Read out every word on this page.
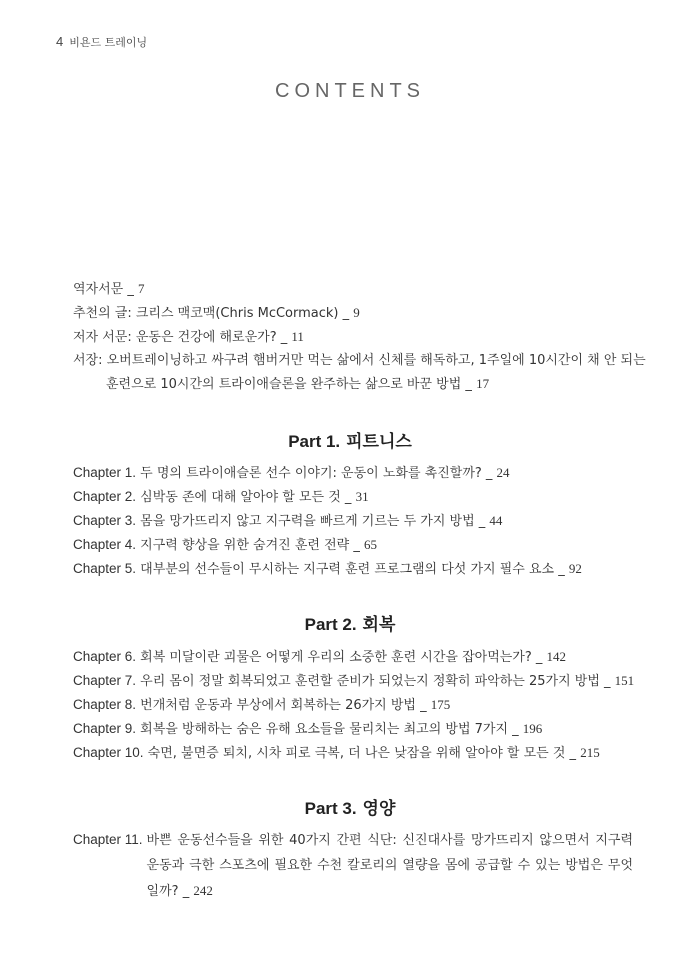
4 비욘드 트레이닝
CONTENTS
역자서문 _ 7
추천의 글: 크리스 맥코맥(Chris McCormack) _ 9
저자 서문: 운동은 건강에 해로운가? _ 11
서장: 오버트레이닝하고 싸구려 햄버거만 먹는 삶에서 신체를 해독하고, 1주일에 10시간이 채 안 되는
훈련으로 10시간의 트라이애슬론을 완주하는 삶으로 바꾼 방법 _ 17
Part 1. 피트니스
Chapter 1. 두 명의 트라이애슬론 선수 이야기: 운동이 노화를 촉진할까? _ 24
Chapter 2. 심박동 존에 대해 알아야 할 모든 것 _ 31
Chapter 3. 몸을 망가뜨리지 않고 지구력을 빠르게 기르는 두 가지 방법 _ 44
Chapter 4. 지구력 향상을 위한 숨겨진 훈련 전략 _ 65
Chapter 5. 대부분의 선수들이 무시하는 지구력 훈련 프로그램의 다섯 가지 필수 요소 _ 92
Part 2. 회복
Chapter 6. 회복 미달이란 괴물은 어떻게 우리의 소중한 훈련 시간을 잡아먹는가? _ 142
Chapter 7. 우리 몸이 정말 회복되었고 훈련할 준비가 되었는지 정확히 파악하는 25가지 방법 _ 151
Chapter 8. 번개처럼 운동과 부상에서 회복하는 26가지 방법 _ 175
Chapter 9. 회복을 방해하는 숨은 유해 요소들을 물리치는 최고의 방법 7가지 _ 196
Chapter 10. 숙면, 불면증 퇴치, 시차 피로 극복, 더 나은 낮잠을 위해 알아야 할 모든 것 _ 215
Part 3. 영양
Chapter 11. 바쁜 운동선수들을 위한 40가지 간편 식단: 신진대사를 망가뜨리지 않으면서 지구력 운동과 극한 스포츠에 필요한 수천 칼로리의 열량을 몸에 공급할 수 있는 방법은 무엇일까? _ 242
